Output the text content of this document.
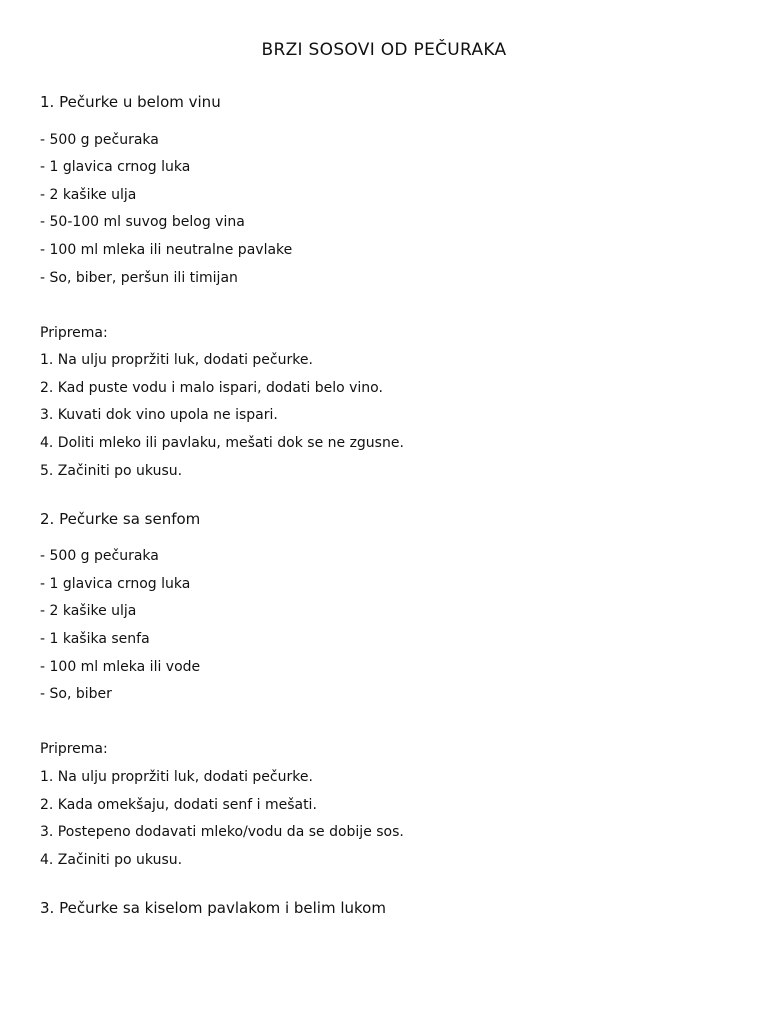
BRZI SOSOVI OD PEČURAKA
1. Pečurke u belom vinu
- 500 g pečuraka
- 1 glavica crnog luka
- 2 kašike ulja
- 50-100 ml suvog belog vina
- 100 ml mleka ili neutralne pavlake
- So, biber, peršun ili timijan
Priprema:
1. Na ulju propržiti luk, dodati pečurke.
2. Kad puste vodu i malo ispari, dodati belo vino.
3. Kuvati dok vino upola ne ispari.
4. Doliti mleko ili pavlaku, mešati dok se ne zgusne.
5. Začiniti po ukusu.
2. Pečurke sa senfom
- 500 g pečuraka
- 1 glavica crnog luka
- 2 kašike ulja
- 1 kašika senfa
- 100 ml mleka ili vode
- So, biber
Priprema:
1. Na ulju propržiti luk, dodati pečurke.
2. Kada omekšaju, dodati senf i mešati.
3. Postepeno dodavati mleko/vodu da se dobije sos.
4. Začiniti po ukusu.
3. Pečurke sa kiselom pavlakom i belim lukom
